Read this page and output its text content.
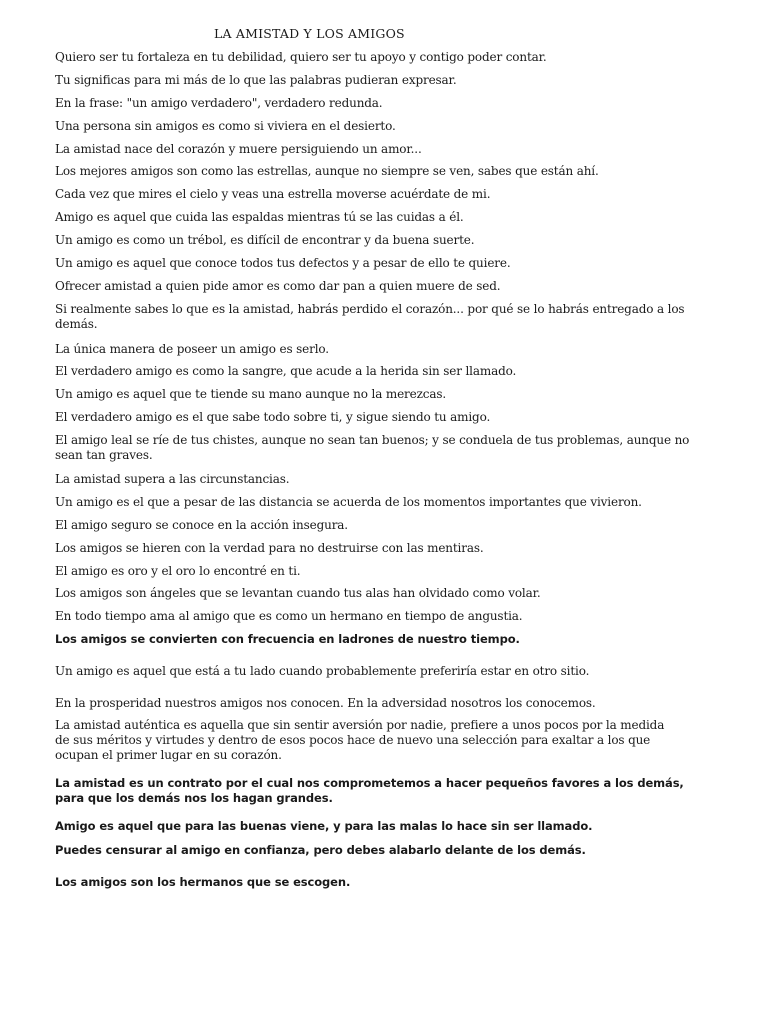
LA AMISTAD Y LOS AMIGOS

Quiero ser tu fortaleza en tu debilidad, quiero ser tu apoyo y contigo poder contar.

Tu significas para mi más de lo que las palabras pudieran expresar.

En la frase: "un amigo verdadero", verdadero redunda.

Una persona sin amigos es como si viviera en el desierto.

La amistad nace del corazón y muere persiguiendo un amor...

Los mejores amigos son como las estrellas, aunque no siempre se ven, sabes que están ahí.

Cada vez que mires el cielo y veas una estrella moverse acuérdate de mi.

Amigo es aquel que cuida las espaldas mientras tú se las cuidas a él.

Un amigo es como un trébol, es difícil de encontrar y da buena suerte.

Un amigo es aquel que conoce todos tus defectos y a pesar de ello te quiere.

Ofrecer amistad a quien pide amor es como dar pan a quien muere de sed.

Si realmente sabes lo que es la amistad, habrás perdido el corazón... por qué se lo habrás entregado a los demás.

La única manera de poseer un amigo es serlo.

El verdadero amigo es como la sangre, que acude a la herida sin ser llamado.

Un amigo es aquel que te tiende su mano aunque no la merezcas.

El verdadero amigo es el que sabe todo sobre ti, y sigue siendo tu amigo.

El amigo leal se ríe de tus chistes, aunque no sean tan buenos; y se conduela de tus problemas, aunque no sean tan graves.

La amistad supera a las circunstancias.

Un amigo es el que a pesar de las distancia se acuerda de los momentos importantes que vivieron.

El amigo seguro se conoce en la acción insegura.

Los amigos se hieren con la verdad para no destruirse con las mentiras.

El amigo es oro y el oro lo encontré en ti.

Los amigos son ángeles que se levantan cuando tus alas han olvidado como volar.

En todo tiempo ama al amigo que es como un hermano en tiempo de angustia.

Los amigos se convierten con frecuencia en ladrones de nuestro tiempo.

Un amigo es aquel que está a tu lado cuando probablemente preferiría estar en otro sitio.

En la prosperidad nuestros amigos nos conocen. En la adversidad nosotros los conocemos.

La amistad auténtica es aquella que sin sentir aversión por nadie, prefiere a unos pocos por la medida de sus méritos y virtudes y dentro de esos pocos hace de nuevo una selección para exaltar a los que ocupan el primer lugar en su corazón.

La amistad es un contrato por el cual nos comprometemos a hacer pequeños favores a los demás, para que los demás nos los hagan grandes.

Amigo es aquel que para las buenas viene, y para las malas lo hace sin ser llamado.

Puedes censurar al amigo en confianza, pero debes alabarlo delante de los demás.

Los amigos son los hermanos que se escogen.
